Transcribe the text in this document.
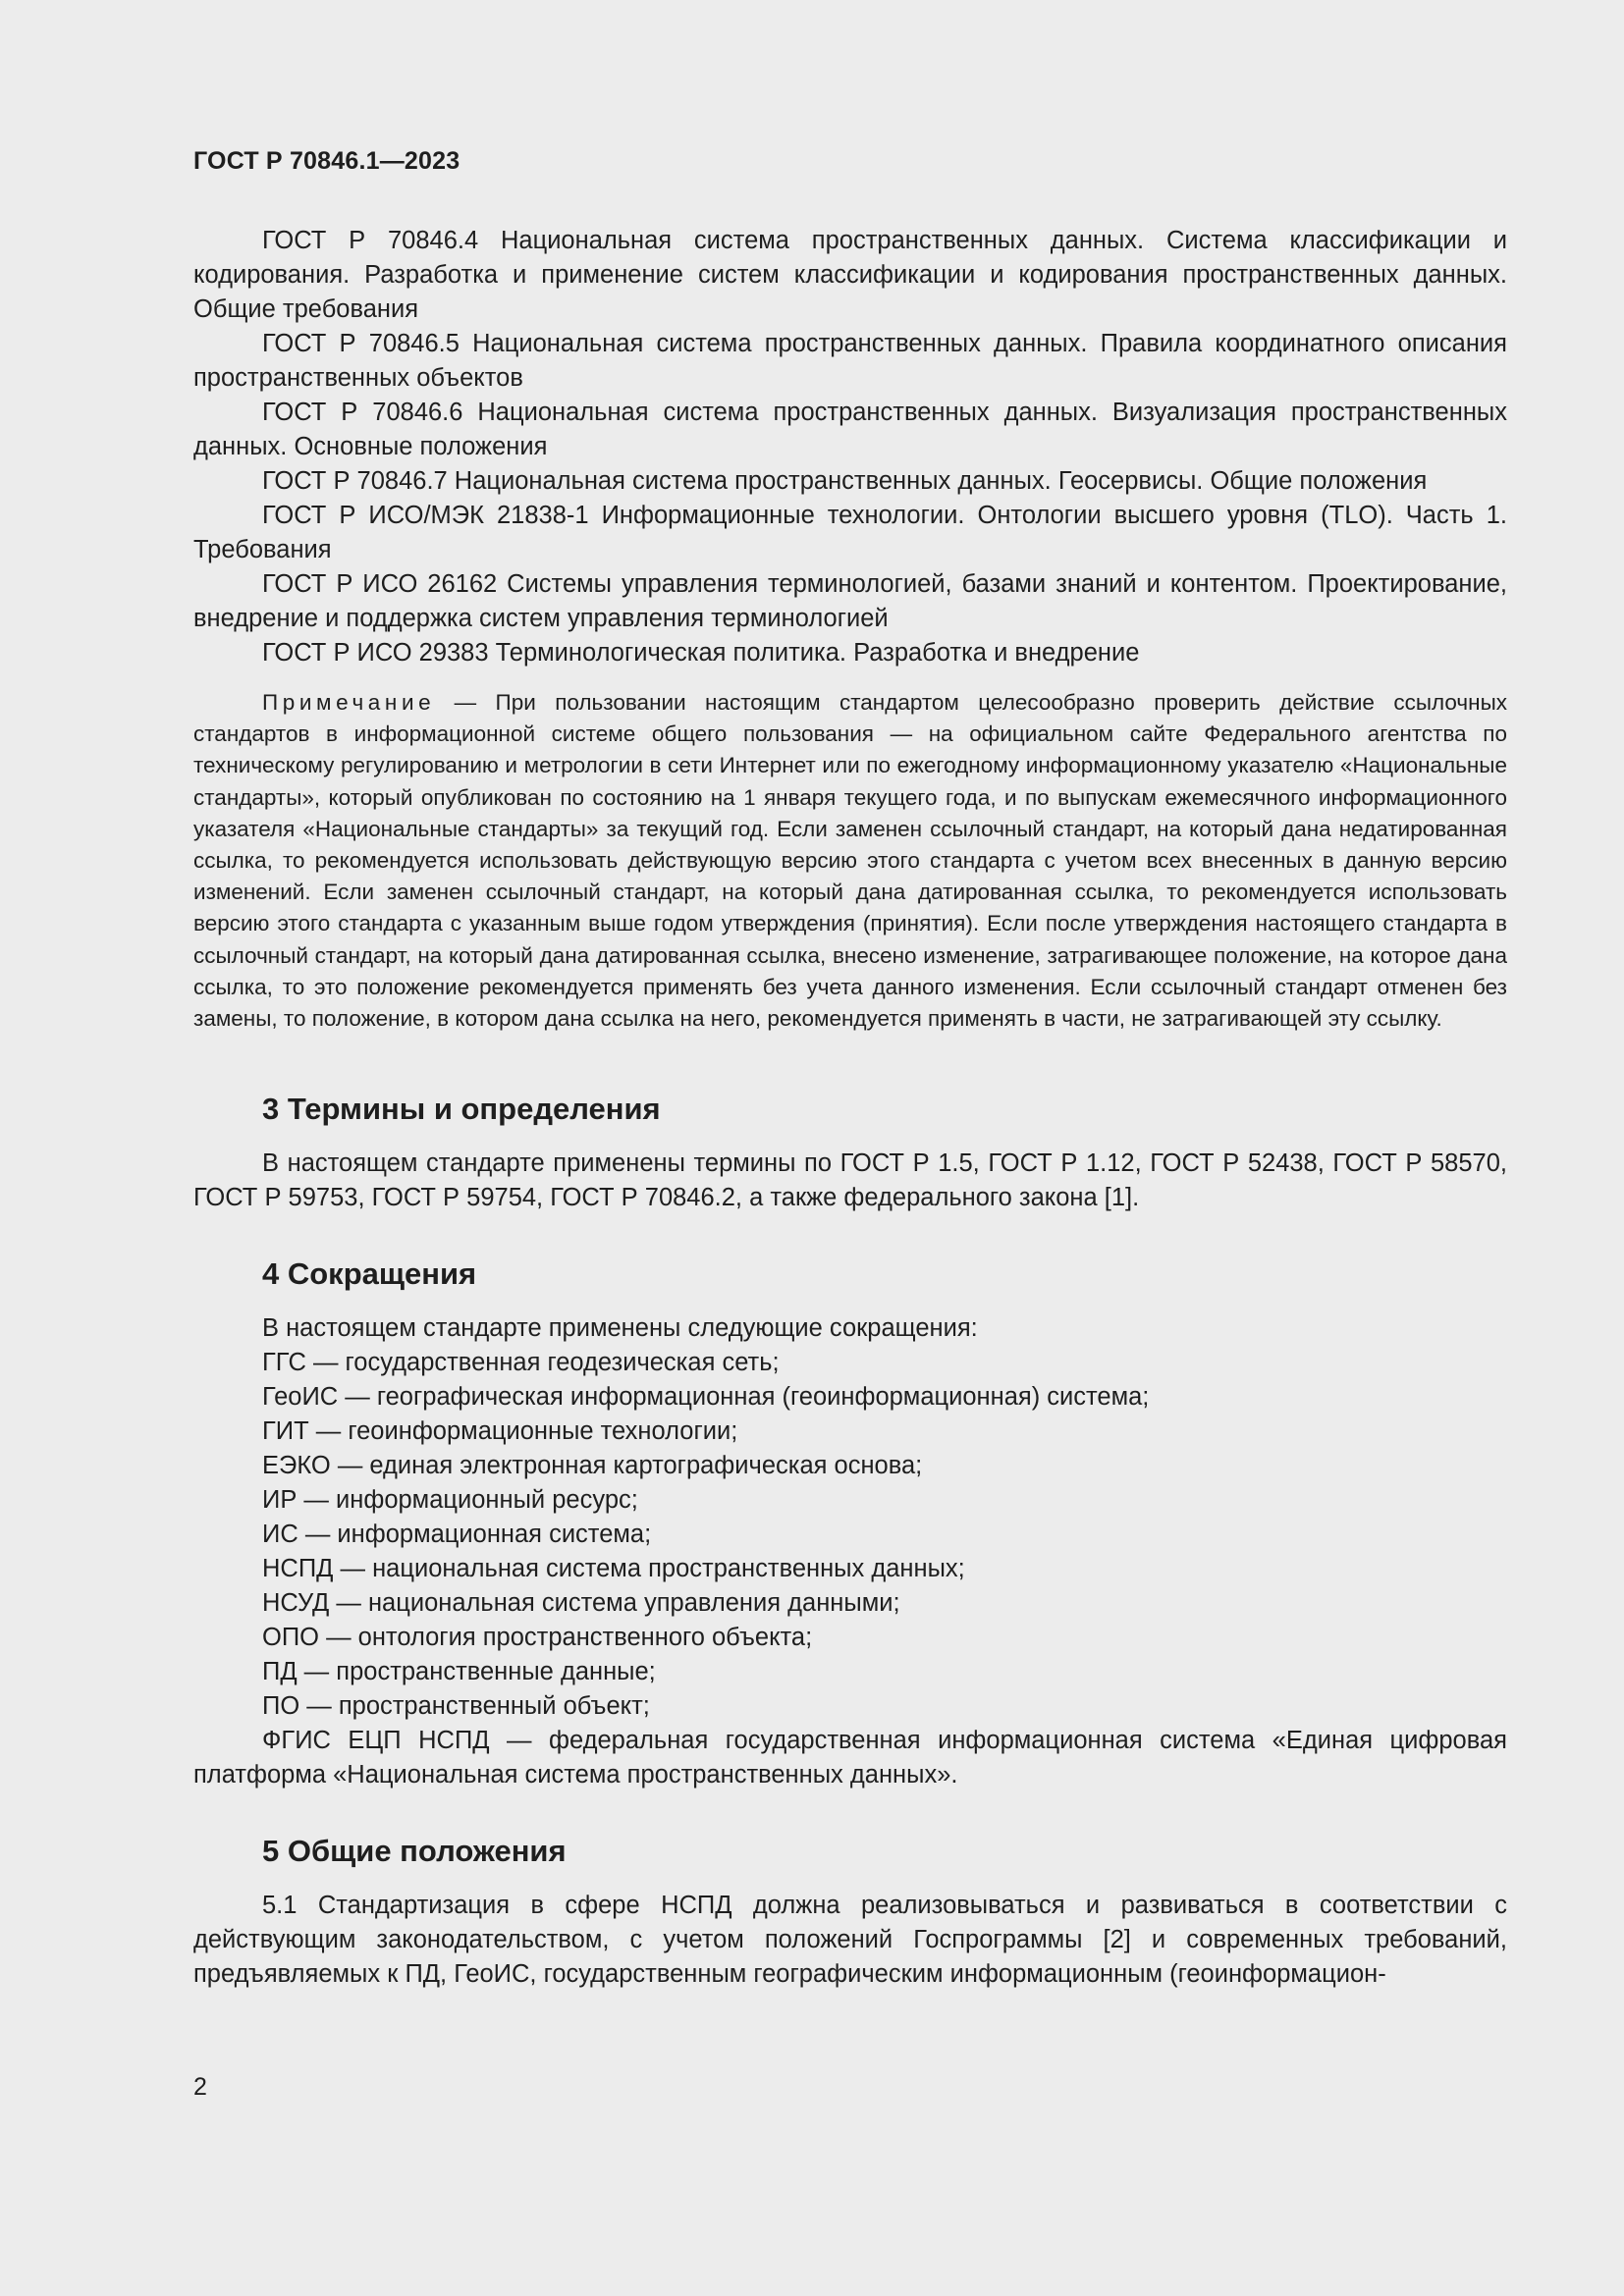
ГОСТ Р 70846.1—2023

ГОСТ Р 70846.4 Национальная система пространственных данных. Система классификации и кодирования. Разработка и применение систем классификации и кодирования пространственных данных. Общие требования

ГОСТ Р 70846.5 Национальная система пространственных данных. Правила координатного описания пространственных объектов

ГОСТ Р 70846.6 Национальная система пространственных данных. Визуализация пространственных данных. Основные положения

ГОСТ Р 70846.7 Национальная система пространственных данных. Геосервисы. Общие положения

ГОСТ Р ИСО/МЭК 21838-1 Информационные технологии. Онтологии высшего уровня (TLO). Часть 1. Требования

ГОСТ Р ИСО 26162 Системы управления терминологией, базами знаний и контентом. Проектирование, внедрение и поддержка систем управления терминологией

ГОСТ Р ИСО 29383 Терминологическая политика. Разработка и внедрение

Примечание — При пользовании настоящим стандартом целесообразно проверить действие ссылочных стандартов в информационной системе общего пользования — на официальном сайте Федерального агентства по техническому регулированию и метрологии в сети Интернет или по ежегодному информационному указателю «Национальные стандарты», который опубликован по состоянию на 1 января текущего года, и по выпускам ежемесячного информационного указателя «Национальные стандарты» за текущий год. Если заменен ссылочный стандарт, на который дана недатированная ссылка, то рекомендуется использовать действующую версию этого стандарта с учетом всех внесенных в данную версию изменений. Если заменен ссылочный стандарт, на который дана датированная ссылка, то рекомендуется использовать версию этого стандарта с указанным выше годом утверждения (принятия). Если после утверждения настоящего стандарта в ссылочный стандарт, на который дана датированная ссылка, внесено изменение, затрагивающее положение, на которое дана ссылка, то это положение рекомендуется применять без учета данного изменения. Если ссылочный стандарт отменен без замены, то положение, в котором дана ссылка на него, рекомендуется применять в части, не затрагивающей эту ссылку.

3 Термины и определения

В настоящем стандарте применены термины по ГОСТ Р 1.5, ГОСТ Р 1.12, ГОСТ Р 52438, ГОСТ Р 58570, ГОСТ Р 59753, ГОСТ Р 59754, ГОСТ Р 70846.2, а также федерального закона [1].

4 Сокращения

В настоящем стандарте применены следующие сокращения:

ГГС — государственная геодезическая сеть;

ГеоИС — географическая информационная (геоинформационная) система;

ГИТ — геоинформационные технологии;

ЕЭКО — единая электронная картографическая основа;

ИР — информационный ресурс;

ИС — информационная система;

НСПД — национальная система пространственных данных;

НСУД — национальная система управления данными;

ОПО — онтология пространственного объекта;

ПД — пространственные данные;

ПО — пространственный объект;

ФГИС ЕЦП НСПД — федеральная государственная информационная система «Единая цифровая платформа «Национальная система пространственных данных».

5 Общие положения

5.1 Стандартизация в сфере НСПД должна реализовываться и развиваться в соответствии с действующим законодательством, с учетом положений Госпрограммы [2] и современных требований, предъявляемых к ПД, ГеоИС, государственным географическим информационным (геоинформацион-

2
